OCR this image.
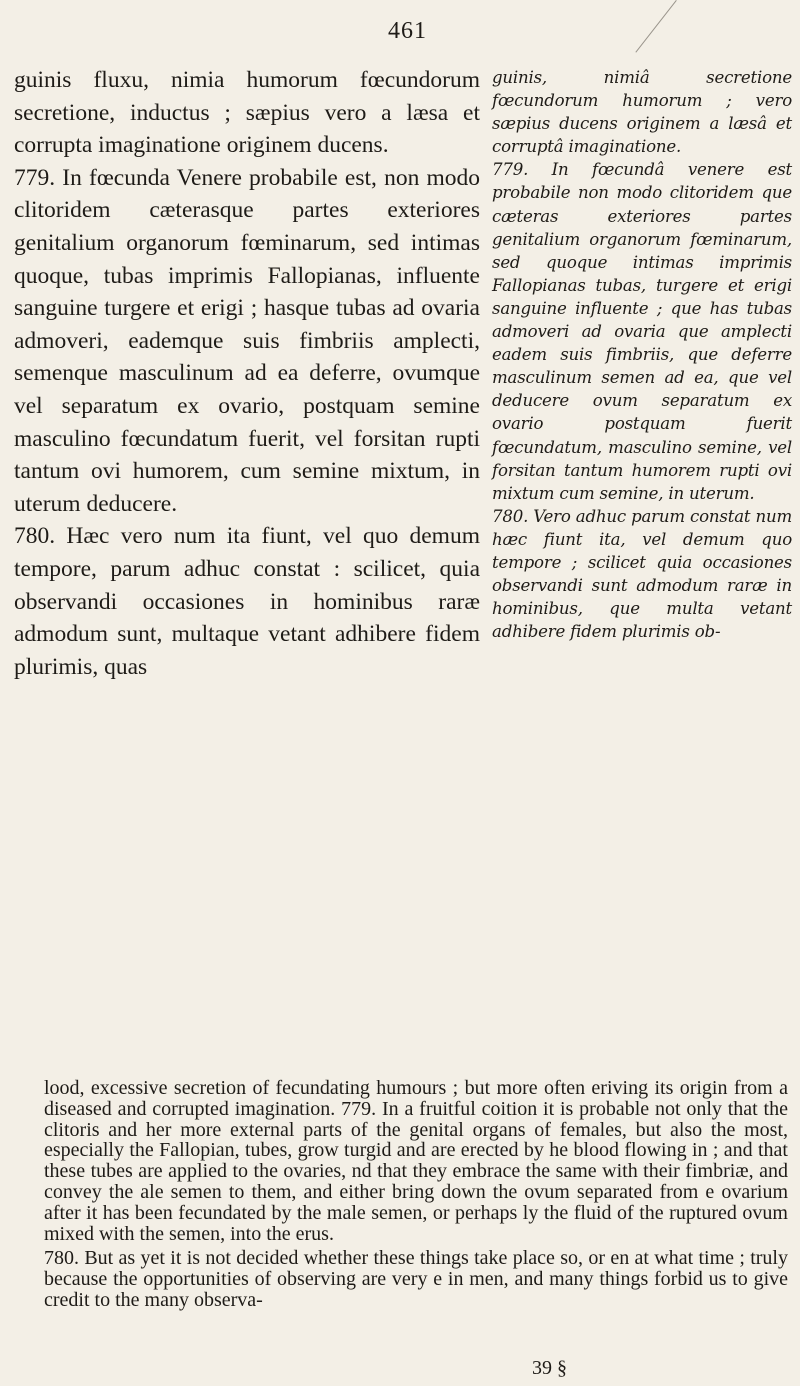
461

guinis fluxu, nimia humorum fœcundorum secretione, inductus ; sæpius vero a læsa et corrupta imaginatione originem ducens.

779. In fœcunda Venere probabile est, non modo clitoridem cæterasque partes exteriores genitalium organorum fœminarum, sed intimas quoque, tubas imprimis Fallopianas, influente sanguine turgere et erigi ; hasque tubas ad ovaria admoveri, eademque suis fimbriis amplecti, semenque masculinum ad ea deferre, ovumque vel separatum ex ovario, postquam semine masculino fœcundatum fuerit, vel forsitan rupti tantum ovi humorem, cum semine mixtum, in uterum deducere.

780. Hæc vero num ita fiunt, vel quo demum tempore, parum adhuc constat : scilicet, quia observandi occasiones in hominibus raræ admodum sunt, multaque vetant adhibere fidem plurimis, quas

guinis, nimiâ secretione fœcundorum humorum ; vero sæpius ducens originem a læsâ et corruptâ imaginatione.

779. In fœcundâ venere est probabile non modo clitoridem que cæteras exteriores partes genitalium organorum fœminarum, sed quoque intimas imprimis Fallopianas tubas, turgere et erigi sanguine influente ; que has tubas admoveri ad ovaria que amplecti eadem suis fimbriis, que deferre masculinum semen ad ea, que vel deducere ovum separatum ex ovario postquam fuerit fœcundatum, masculino semine, vel forsitan tantum humorem rupti ovi mixtum cum semine, in uterum.

780. Vero adhuc parum constat num hæc fiunt ita, vel demum quo tempore ; scilicet quia occasiones observandi sunt admodum raræ in hominibus, que multa vetant adhibere fidem plurimis ob-

lood, excessive secretion of fecundating humours ; but more often eriving its origin from a diseased and corrupted imagination. 779. In a fruitful coition it is probable not only that the clitoris and her more external parts of the genital organs of females, but also the most, especially the Fallopian, tubes, grow turgid and are erected by he blood flowing in ; and that these tubes are applied to the ovaries, nd that they embrace the same with their fimbriæ, and convey the ale semen to them, and either bring down the ovum separated from e ovarium after it has been fecundated by the male semen, or perhaps ly the fluid of the ruptured ovum mixed with the semen, into the erus.

780. But as yet it is not decided whether these things take place so, or en at what time ; truly because the opportunities of observing are very e in men, and many things forbid us to give credit to the many observa-

39 §
